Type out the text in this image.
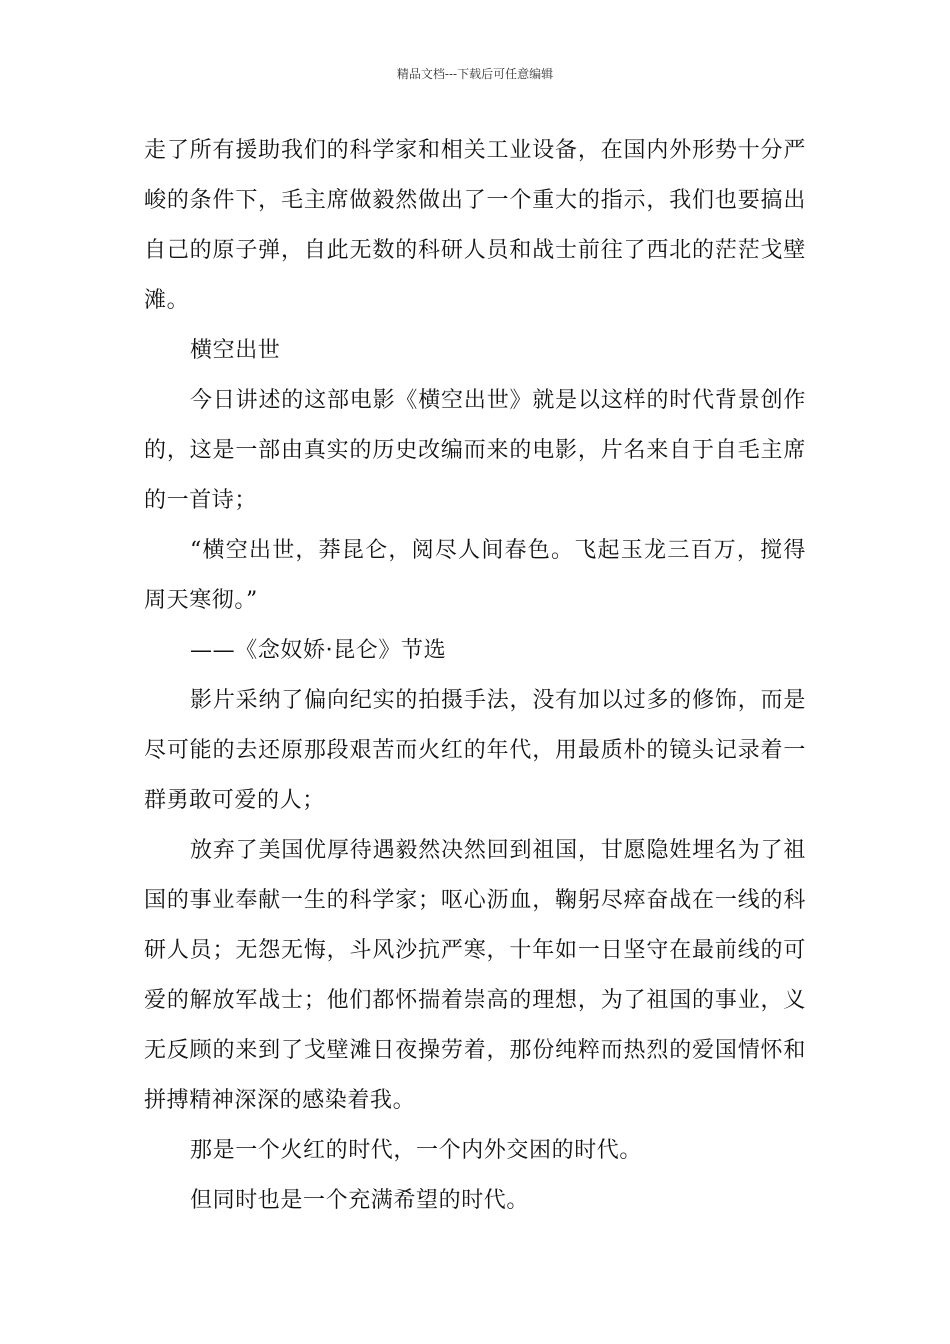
精品文档---下载后可任意编辑

走了所有援助我们的科学家和相关工业设备，在国内外形势十分严峻的条件下，毛主席做毅然做出了一个重大的指示，我们也要搞出自己的原子弹，自此无数的科研人员和战士前往了西北的茫茫戈壁滩。

横空出世

今日讲述的这部电影《横空出世》就是以这样的时代背景创作的，这是一部由真实的历史改编而来的电影，片名来自于自毛主席的一首诗；

“横空出世，莽昆仑，阅尽人间春色。飞起玉龙三百万，搅得周天寒彻。”

——《念奴娇·昆仑》节选

影片采纳了偏向纪实的拍摄手法，没有加以过多的修饰，而是尽可能的去还原那段艰苦而火红的年代，用最质朴的镜头记录着一群勇敢可爱的人；

放弃了美国优厚待遇毅然决然回到祖国，甘愿隐姓埋名为了祖国的事业奉献一生的科学家；呕心沥血，鞠躬尽瘁奋战在一线的科研人员；无怨无悔，斗风沙抗严寒，十年如一日坚守在最前线的可爱的解放军战士；他们都怀揣着崇高的理想，为了祖国的事业，义无反顾的来到了戈壁滩日夜操劳着，那份纯粹而热烈的爱国情怀和拼搏精神深深的感染着我。

那是一个火红的时代，一个内外交困的时代。

但同时也是一个充满希望的时代。
